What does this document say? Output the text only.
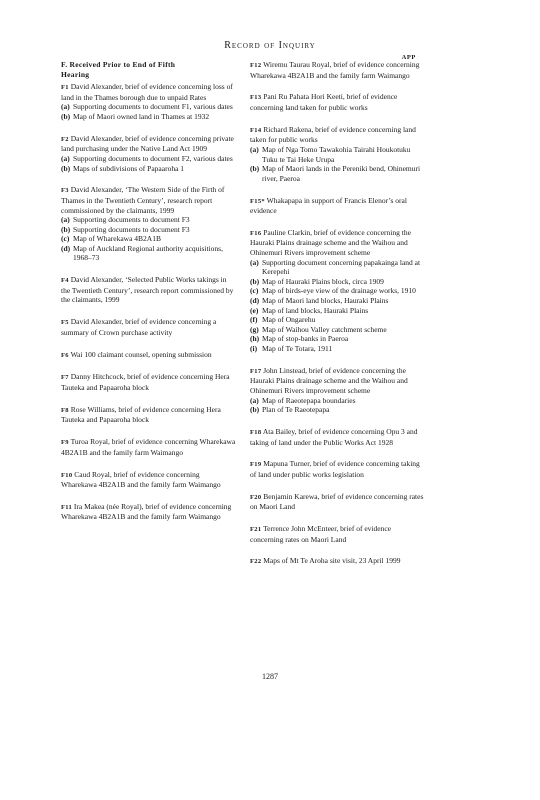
Record of Inquiry
APP
F. Received Prior to End of Fifth
Hearing

F1 David Alexander, brief of evidence concerning loss of land in the Thames borough due to unpaid Rates

(a) Supporting documents to document F1, various dates
(b) Map of Maori owned land in Thames at 1932

F2 David Alexander, brief of evidence concerning private land purchasing under the Native Land Act 1909

(a) Supporting documents to document F2, various dates
(b) Maps of subdivisions of Papaaroha 1

F3 David Alexander, ‘The Western Side of the Firth of Thames in the Twentieth Century’, research report commissioned by the claimants, 1999

(a) Supporting documents to document F3
(b) Supporting documents to document F3
(c) Map of Wharekawa 4B2A1B
(d) Map of Auckland Regional authority acquisitions, 1968–73

F4 David Alexander, ‘Selected Public Works takings in the Twentieth Century’, research report commissioned by the claimants, 1999

F5 David Alexander, brief of evidence concerning a summary of Crown purchase activity

F6 Wai 100 claimant counsel, opening submission

F7 Danny Hitchcock, brief of evidence concerning Hera Tauteka and Papaaroha block

F8 Rose Williams, brief of evidence concerning Hera Tauteka and Papaaroha block

F9 Turoa Royal, brief of evidence concerning Wharekawa 4B2A1B and the family farm Waimango

F10 Caud Royal, brief of evidence concerning Wharekawa 4B2A1B and the family farm Waimango

F11 Ira Makea (née Royal), brief of evidence concerning Wharekawa 4B2A1B and the family farm Waimango

F12 Wiremu Taurau Royal, brief of evidence concerning Wharekawa 4B2A1B and the family farm Waimango

F13 Pani Ru Pahata Hori Keeti, brief of evidence concerning land taken for public works

F14 Richard Rakena, brief of evidence concerning land taken for public works

(a) Map of Nga Tomo Tawakohia Tairahi Houkotuku Tuku te Tai Heke Urupa
(b) Map of Maori lands in the Pereniki bend, Ohinemuri river, Paeroa

F15* Whakapapa in support of Francis Elenor’s oral evidence

F16 Pauline Clarkin, brief of evidence concerning the Hauraki Plains drainage scheme and the Waihou and Ohinemuri Rivers improvement scheme

(a) Supporting document concerning papakainga land at Kerepehi
(b) Map of Hauraki Plains block, circa 1909
(c) Map of birds-eye view of the drainage works, 1910
(d) Map of Maori land blocks, Hauraki Plains
(e) Map of land blocks, Hauraki Plains
(f) Map of Ongarehu
(g) Map of Waihou Valley catchment scheme
(h) Map of stop-banks in Paeroa
(i) Map of Te Totara, 1911

F17 John Linstead, brief of evidence concerning the Hauraki Plains drainage scheme and the Waihou and Ohinemuri Rivers improvement scheme

(a) Map of Raeotepapa boundaries
(b) Plan of Te Raeotepapa

F18 Ata Bailey, brief of evidence concerning Opu 3 and taking of land under the Public Works Act 1928

F19 Mapuna Turner, brief of evidence concerning taking of land under public works legislation

F20 Benjamin Karewa, brief of evidence concerning rates on Maori Land

F21 Terrence John McEnteer, brief of evidence concerning rates on Maori Land

F22 Maps of Mt Te Aroha site visit, 23 April 1999

1287
